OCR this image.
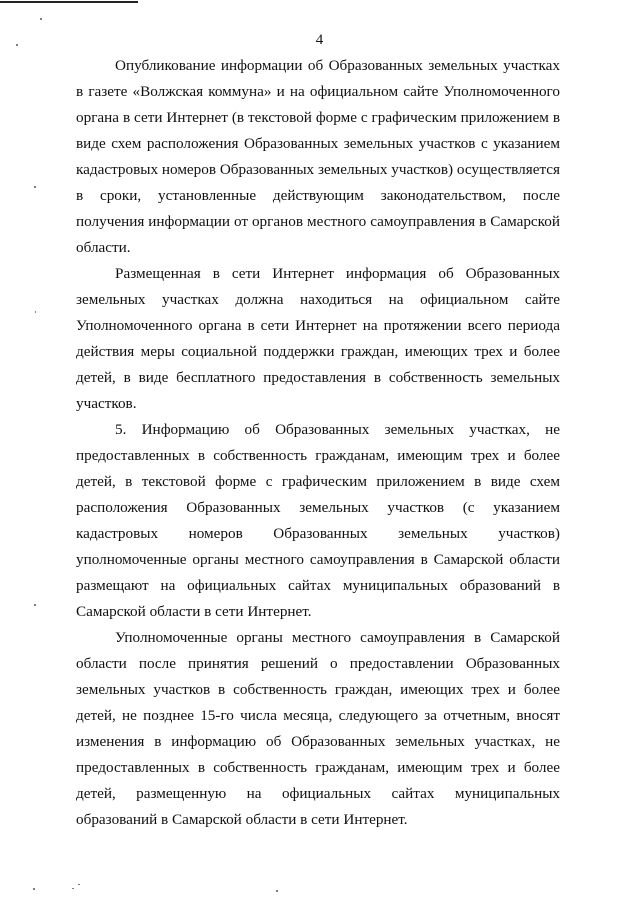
4

Опубликование информации об Образованных земельных участках в газете «Волжская коммуна» и на официальном сайте Уполномоченного органа в сети Интернет (в текстовой форме с графическим приложением в виде схем расположения Образованных земельных участков с указанием кадастровых номеров Образованных земельных участков) осуществляется в сроки, установленные действующим законодательством, после получения информации от органов местного самоуправления в Самарской области.

Размещенная в сети Интернет информация об Образованных земельных участках должна находиться на официальном сайте Уполномоченного органа в сети Интернет на протяжении всего периода действия меры социальной поддержки граждан, имеющих трех и более детей, в виде бесплатного предоставления в собственность земельных участков.

5. Информацию об Образованных земельных участках, не предоставленных в собственность гражданам, имеющим трех и более детей, в текстовой форме с графическим приложением в виде схем расположения Образованных земельных участков (с указанием кадастровых номеров Образованных земельных участков) уполномоченные органы местного самоуправления в Самарской области размещают на официальных сайтах муниципальных образований в Самарской области в сети Интернет.

Уполномоченные органы местного самоуправления в Самарской области после принятия решений о предоставлении Образованных земельных участков в собственность граждан, имеющих трех и более детей, не позднее 15-го числа месяца, следующего за отчетным, вносят изменения в информацию об Образованных земельных участках, не предоставленных в собственность гражданам, имеющим трех и более детей, размещенную на официальных сайтах муниципальных образований в Самарской области в сети Интернет.
